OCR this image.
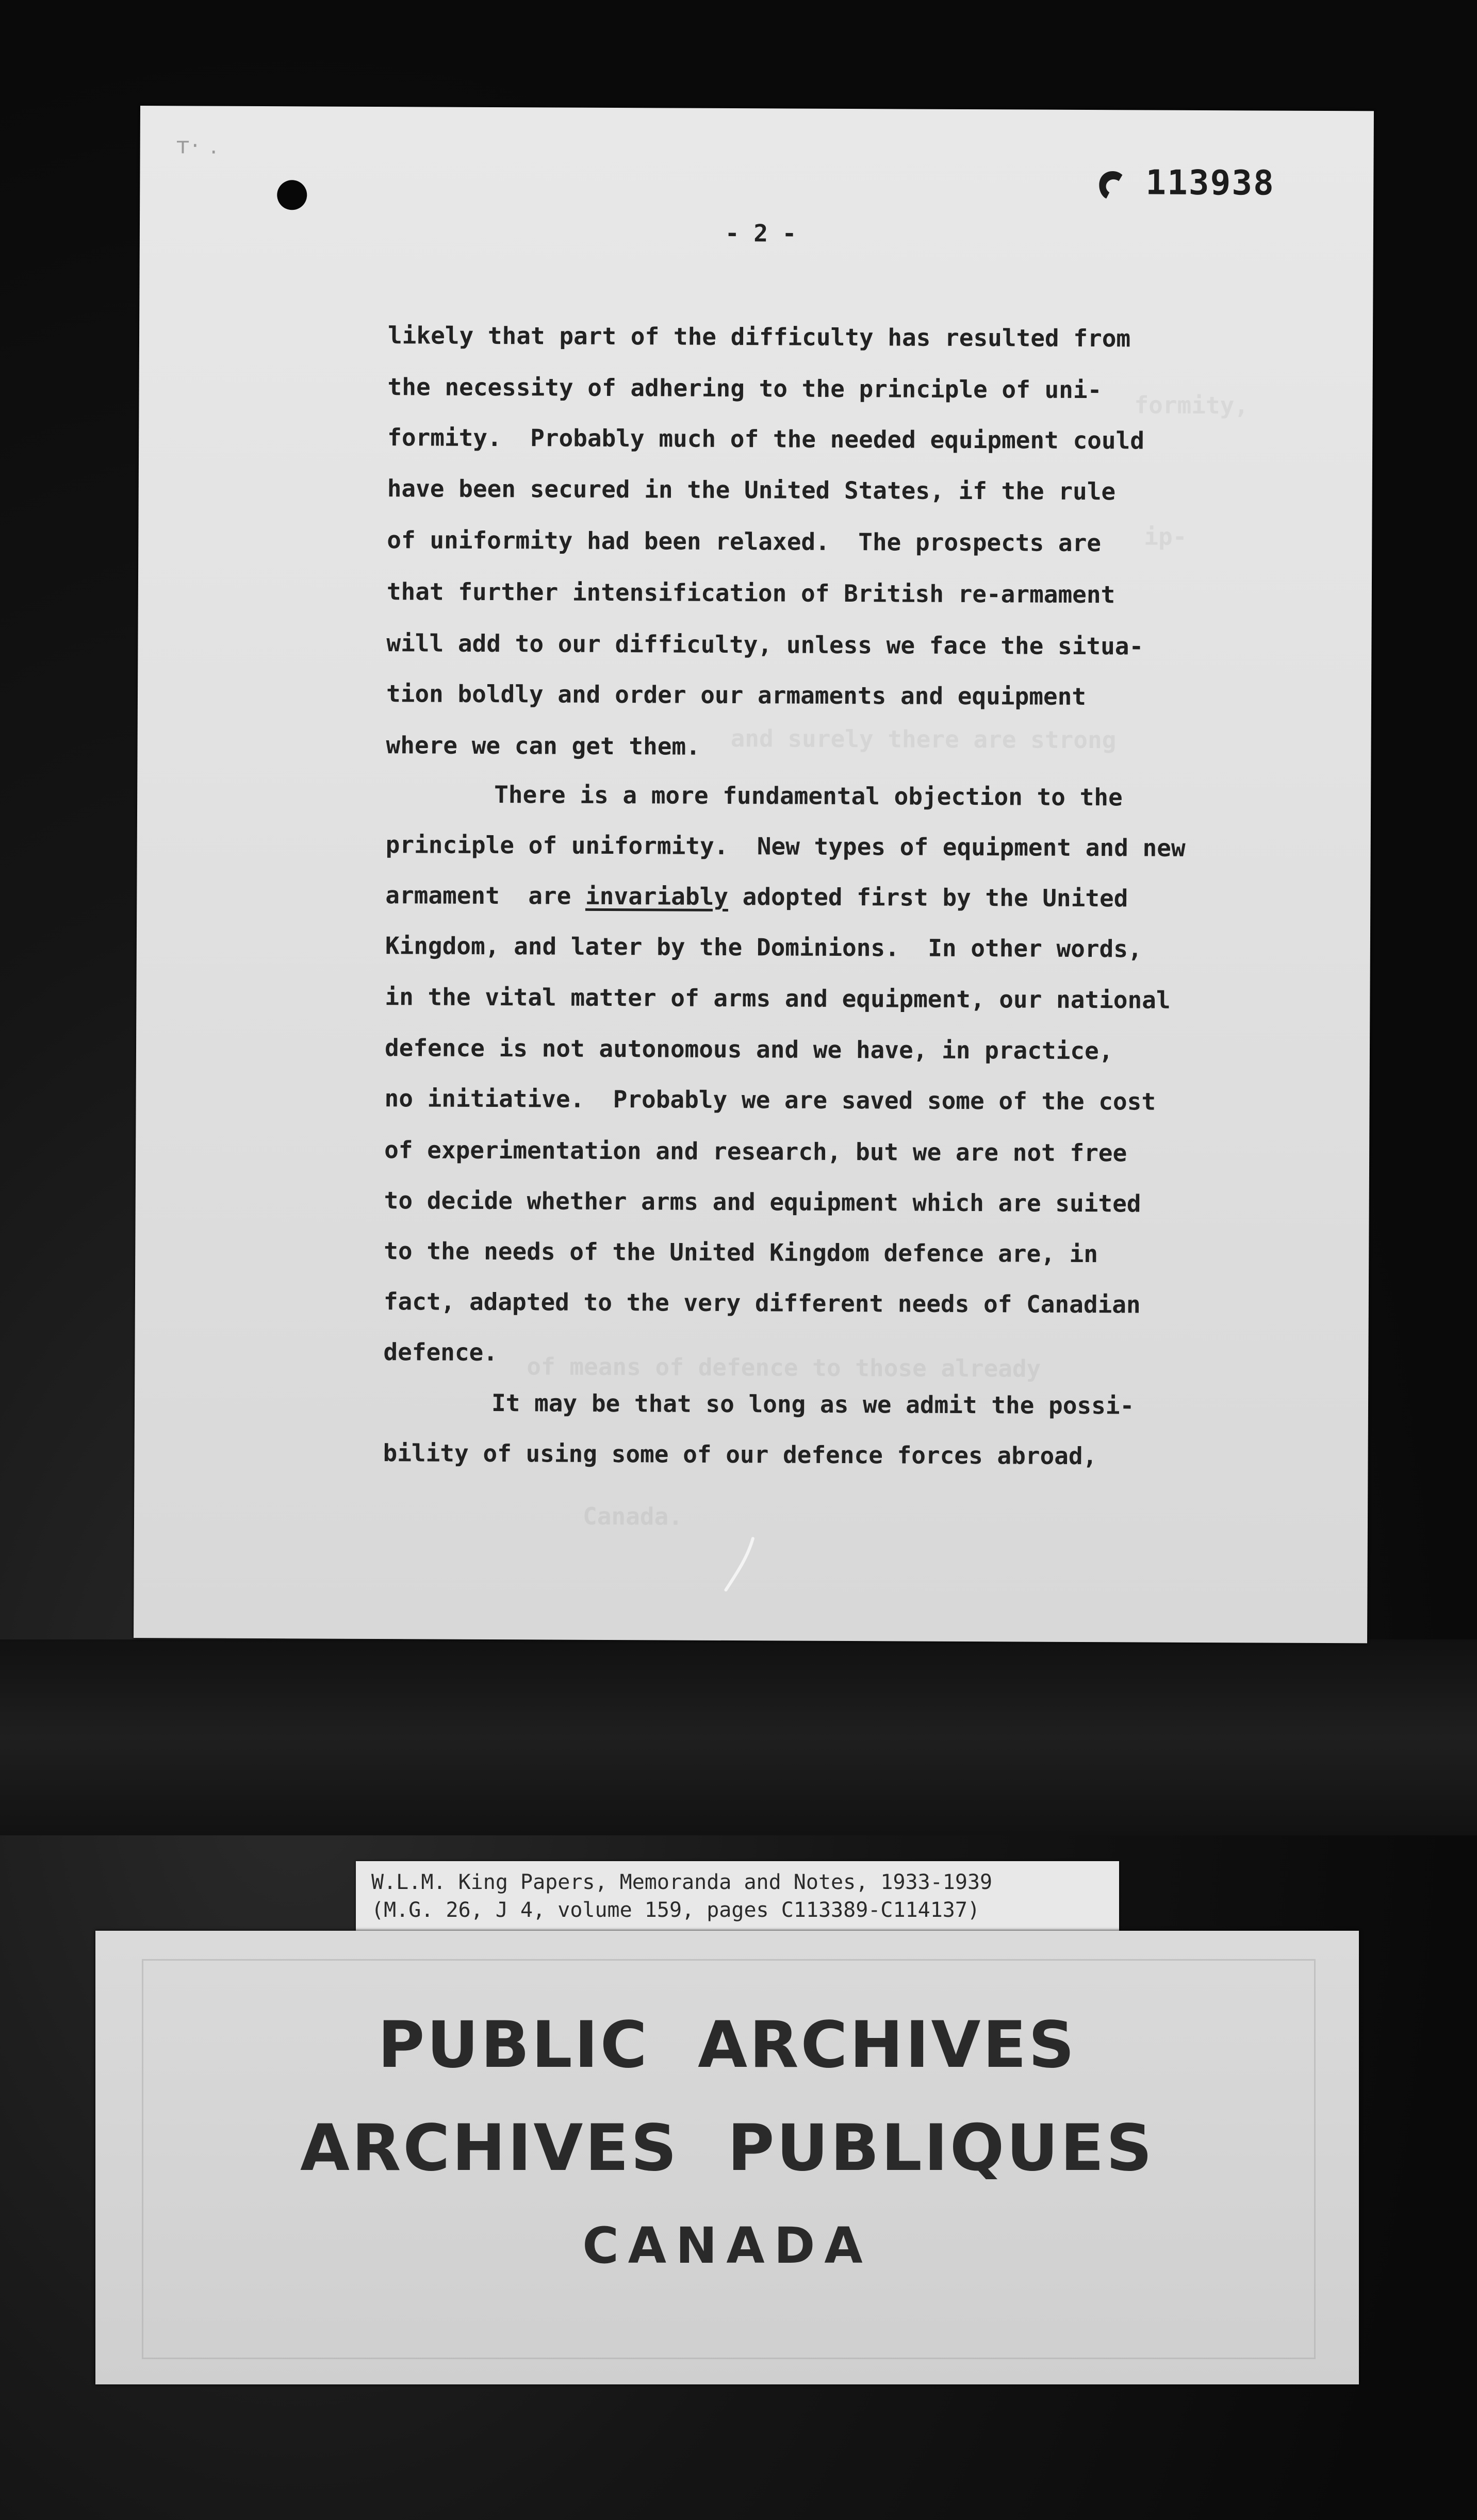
formity,
ip-
and surely there are strong
of means of defence to those already
Canada.
ᴛ· .
113938
- 2 -
likely that part of the difficulty has resulted from
the necessity of adhering to the principle of uni-
formity.  Probably much of the needed equipment could
have been secured in the United States, if the rule
of uniformity had been relaxed.  The prospects are
that further intensification of British re-armament
will add to our difficulty, unless we face the situa-
tion boldly and order our armaments and equipment
where we can get them.
There is a more fundamental objection to the
principle of uniformity.  New types of equipment and new
armament  are invariably adopted first by the United
Kingdom, and later by the Dominions.  In other words,
in the vital matter of arms and equipment, our national
defence is not autonomous and we have, in practice,
no initiative.  Probably we are saved some of the cost
of experimentation and research, but we are not free
to decide whether arms and equipment which are suited
to the needs of the United Kingdom defence are, in
fact, adapted to the very different needs of Canadian
defence.
It may be that so long as we admit the possi-
bility of using some of our defence forces abroad,
W.L.M. King Papers, Memoranda and Notes, 1933-1939
(M.G. 26, J 4, volume 159, pages C113389-C114137)
PUBLIC  ARCHIVES
ARCHIVES  PUBLIQUES
CANADA
